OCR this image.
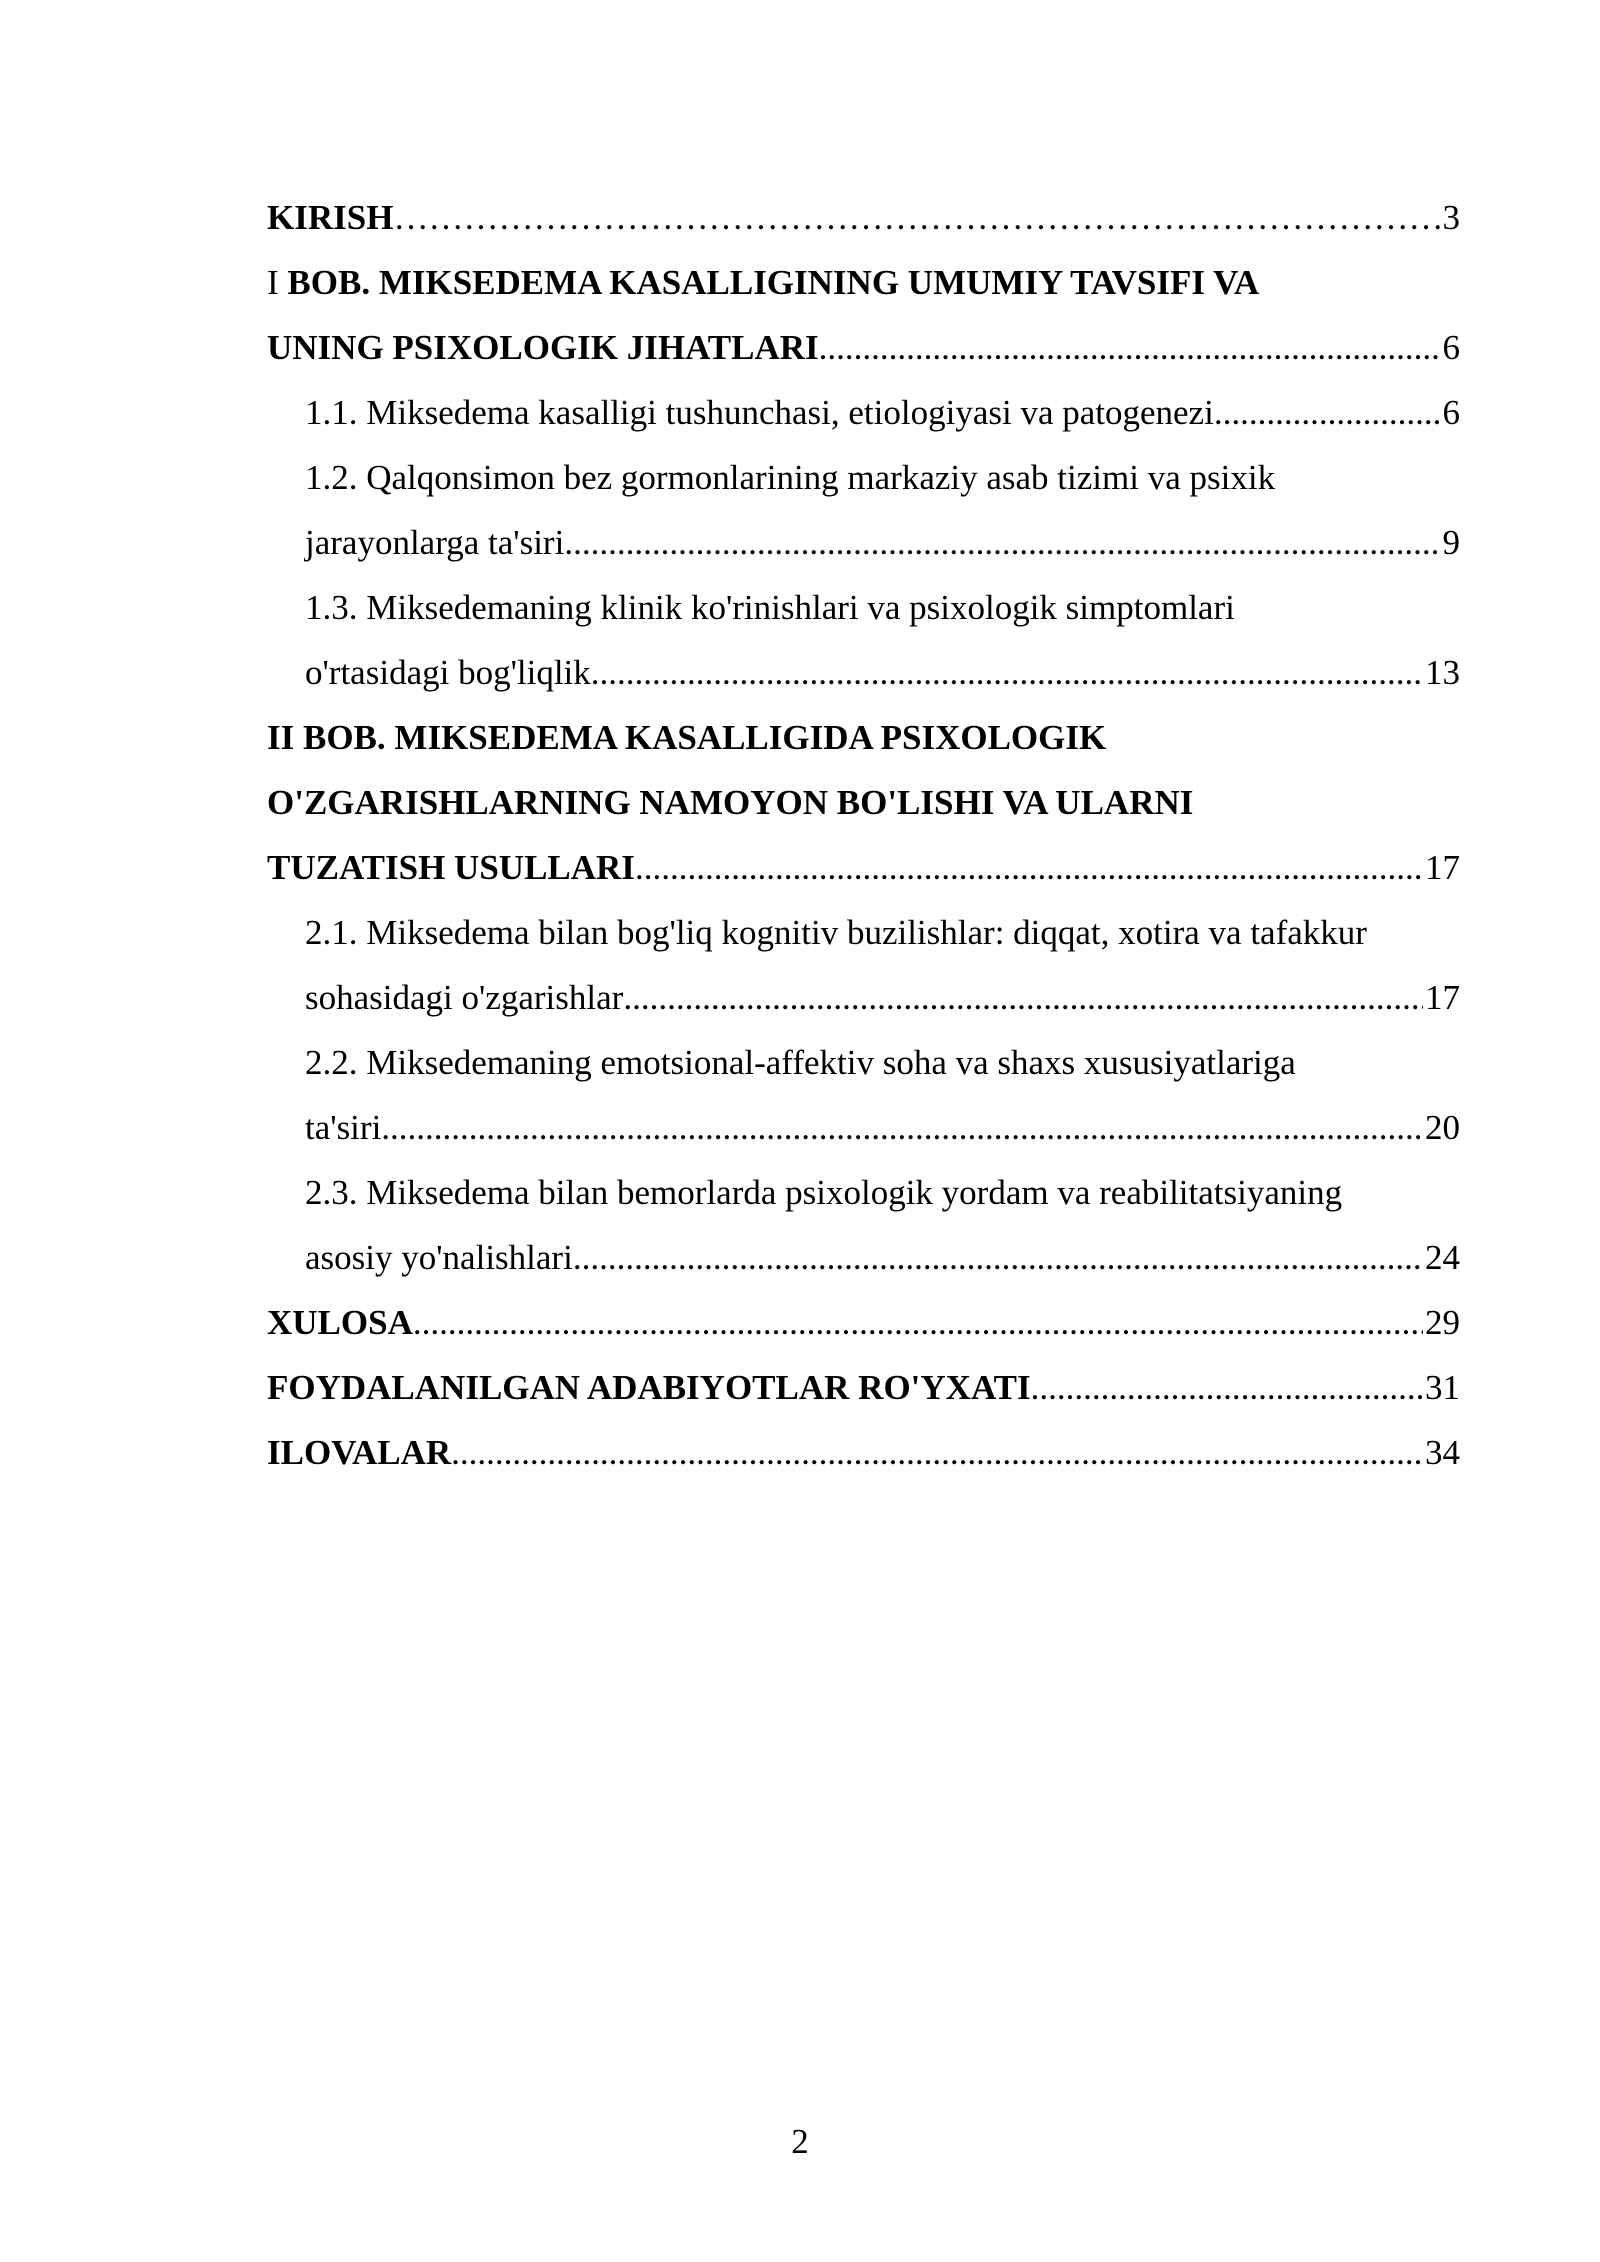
KIRISH ………………………………………………………………………………………………………………………………………………………………………………	3
I BOB. MIKSEDEMA KASALLIGINING UMUMIY TAVSIFI VA
UNING PSIXOLOGIK JIHATLARI .....	6
1.1. Miksedema kasalligi tushunchasi, etiologiyasi va patogenezi .....	6
1.2. Qalqonsimon bez gormonlarining markaziy asab tizimi va psixik
jarayonlarga ta'siri .....	9
1.3. Miksedemaning klinik ko'rinishlari va psixologik simptomlari
o'rtasidagi bog'liqlik .....	13
II BOB. MIKSEDEMA KASALLIGIDA PSIXOLOGIK
O'ZGARISHLARNING NAMOYON BO'LISHI VA ULARNI
TUZATISH USULLARI .....	17
2.1. Miksedema bilan bog'liq kognitiv buzilishlar: diqqat, xotira va tafakkur
sohasidagi o'zgarishlar .....	17
2.2. Miksedemaning emotsional-affektiv soha va shaxs xususiyatlariga
ta'siri .....	20
2.3. Miksedema bilan bemorlarda psixologik yordam va reabilitatsiyaning
asosiy yo'nalishlari .....	24
XULOSA .....	29
FOYDALANILGAN ADABIYOTLAR RO'YXATI .....	31
ILOVALAR .....	34
2
